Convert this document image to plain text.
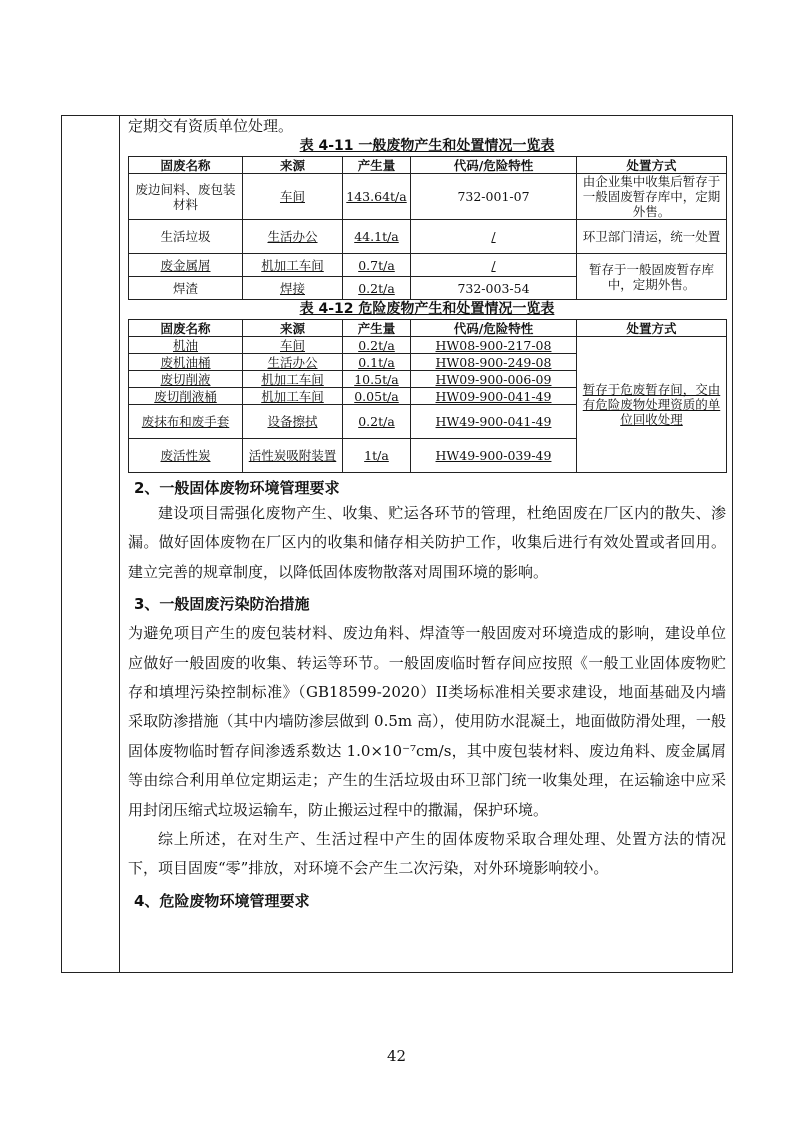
定期交有资质单位处理。
表 4-11 一般废物产生和处置情况一览表
固废名称	来源	产生量	代码/危险特性	处置方式
废边间料、废包装材料	车间	143.64t/a	732-001-07	由企业集中收集后暂存于一般固废暂存库中，定期外售。
生活垃圾	生活办公	44.1t/a	/	环卫部门清运，统一处置
废金属屑	机加工车间	0.7t/a	/	暂存于一般固废暂存库中，定期外售。
焊渣	焊接	0.2t/a	732-003-54	
表 4-12 危险废物产生和处置情况一览表
固废名称	来源	产生量	代码/危险特性	处置方式
机油	车间	0.2t/a	HW08-900-217-08	暂存于危废暂存间，交由有危险废物处理资质的单位回收处理
废机油桶	生活办公	0.1t/a	HW08-900-249-08	
废切削液	机加工车间	10.5t/a	HW09-900-006-09	
废切削液桶	机加工车间	0.05t/a	HW09-900-041-49	
废抹布和废手套	设备擦拭	0.2t/a	HW49-900-041-49	
废活性炭	活性炭吸附装置	1t/a	HW49-900-039-49	

2、一般固体废物环境管理要求

建设项目需强化废物产生、收集、贮运各环节的管理，杜绝固废在厂区内的散失、渗漏。做好固体废物在厂区内的收集和储存相关防护工作，收集后进行有效处置或者回用。建立完善的规章制度，以降低固体废物散落对周围环境的影响。

3、一般固废污染防治措施

为避免项目产生的废包装材料、废边角料、焊渣等一般固废对环境造成的影响，建设单位应做好一般固废的收集、转运等环节。一般固废临时暂存间应按照《一般工业固体废物贮存和填埋污染控制标准》（GB18599-2020）II类场标准相关要求建设，地面基础及内墙采取防渗措施（其中内墙防渗层做到 0.5m 高），使用防水混凝土，地面做防滑处理，一般固体废物临时暂存间渗透系数达 1.0×10⁻⁷cm/s，其中废包装材料、废边角料、废金属屑等由综合利用单位定期运走；产生的生活垃圾由环卫部门统一收集处理，在运输途中应采用封闭压缩式垃圾运输车，防止搬运过程中的撒漏，保护环境。

综上所述，在对生产、生活过程中产生的固体废物采取合理处理、处置方法的情况下，项目固废“零”排放，对环境不会产生二次污染，对外环境影响较小。

4、危险废物环境管理要求

42
